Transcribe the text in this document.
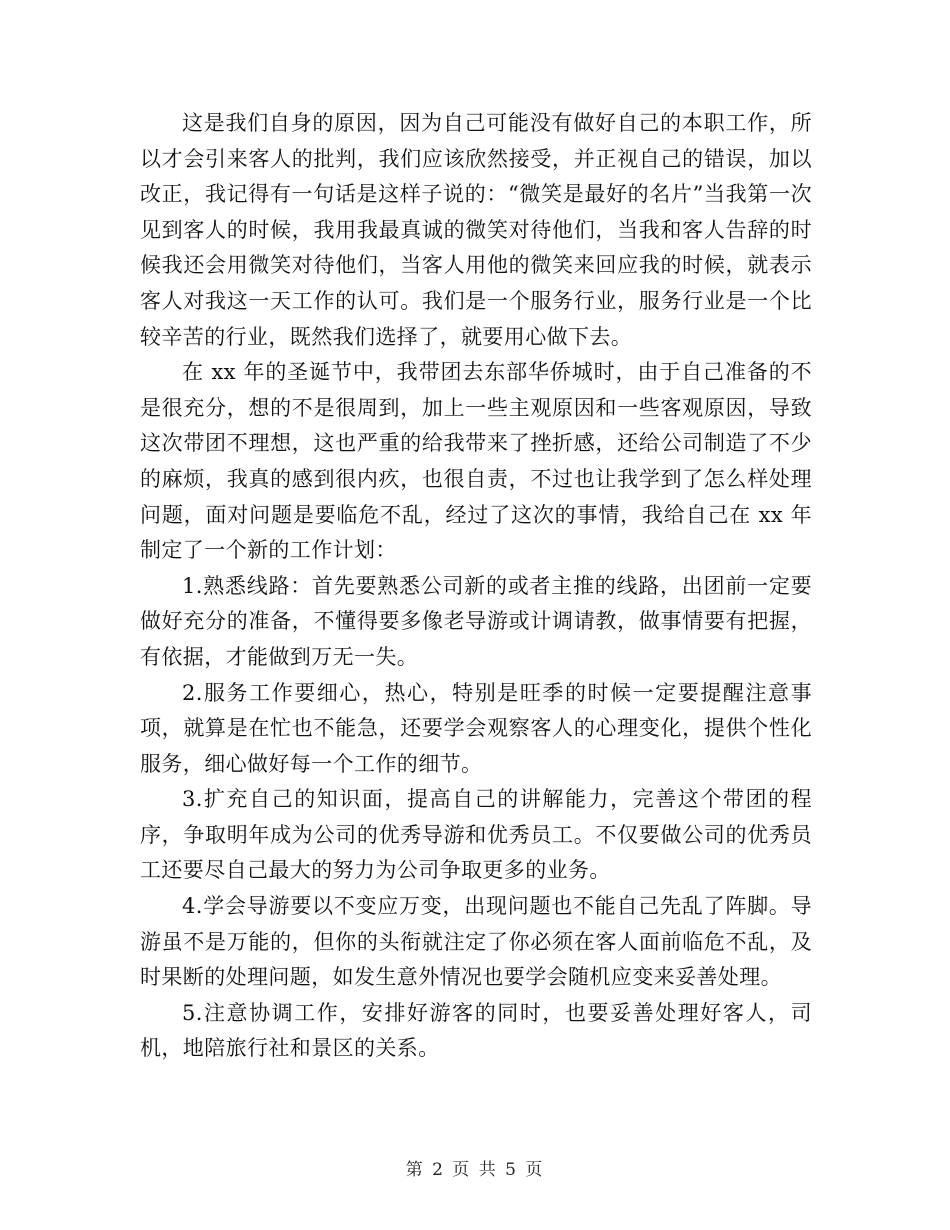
这是我们自身的原因，因为自己可能没有做好自己的本职工作，所以才会引来客人的批判，我们应该欣然接受，并正视自己的错误，加以改正，我记得有一句话是这样子说的：“微笑是最好的名片”当我第一次见到客人的时候，我用我最真诚的微笑对待他们，当我和客人告辞的时候我还会用微笑对待他们，当客人用他的微笑来回应我的时候，就表示客人对我这一天工作的认可。我们是一个服务行业，服务行业是一个比较辛苦的行业，既然我们选择了，就要用心做下去。

在 xx 年的圣诞节中，我带团去东部华侨城时，由于自己准备的不是很充分，想的不是很周到，加上一些主观原因和一些客观原因，导致这次带团不理想，这也严重的给我带来了挫折感，还给公司制造了不少的麻烦，我真的感到很内疚，也很自责，不过也让我学到了怎么样处理问题，面对问题是要临危不乱，经过了这次的事情，我给自己在 xx 年制定了一个新的工作计划：

1.熟悉线路：首先要熟悉公司新的或者主推的线路，出团前一定要做好充分的准备，不懂得要多像老导游或计调请教，做事情要有把握，有依据，才能做到万无一失。

2.服务工作要细心，热心，特别是旺季的时候一定要提醒注意事项，就算是在忙也不能急，还要学会观察客人的心理变化，提供个性化服务，细心做好每一个工作的细节。

3.扩充自己的知识面，提高自己的讲解能力，完善这个带团的程序，争取明年成为公司的优秀导游和优秀员工。不仅要做公司的优秀员工还要尽自己最大的努力为公司争取更多的业务。

4.学会导游要以不变应万变，出现问题也不能自己先乱了阵脚。导游虽不是万能的，但你的头衔就注定了你必须在客人面前临危不乱，及时果断的处理问题，如发生意外情况也要学会随机应变来妥善处理。

5.注意协调工作，安排好游客的同时，也要妥善处理好客人，司机，地陪旅行社和景区的关系。

第 2 页 共 5 页
